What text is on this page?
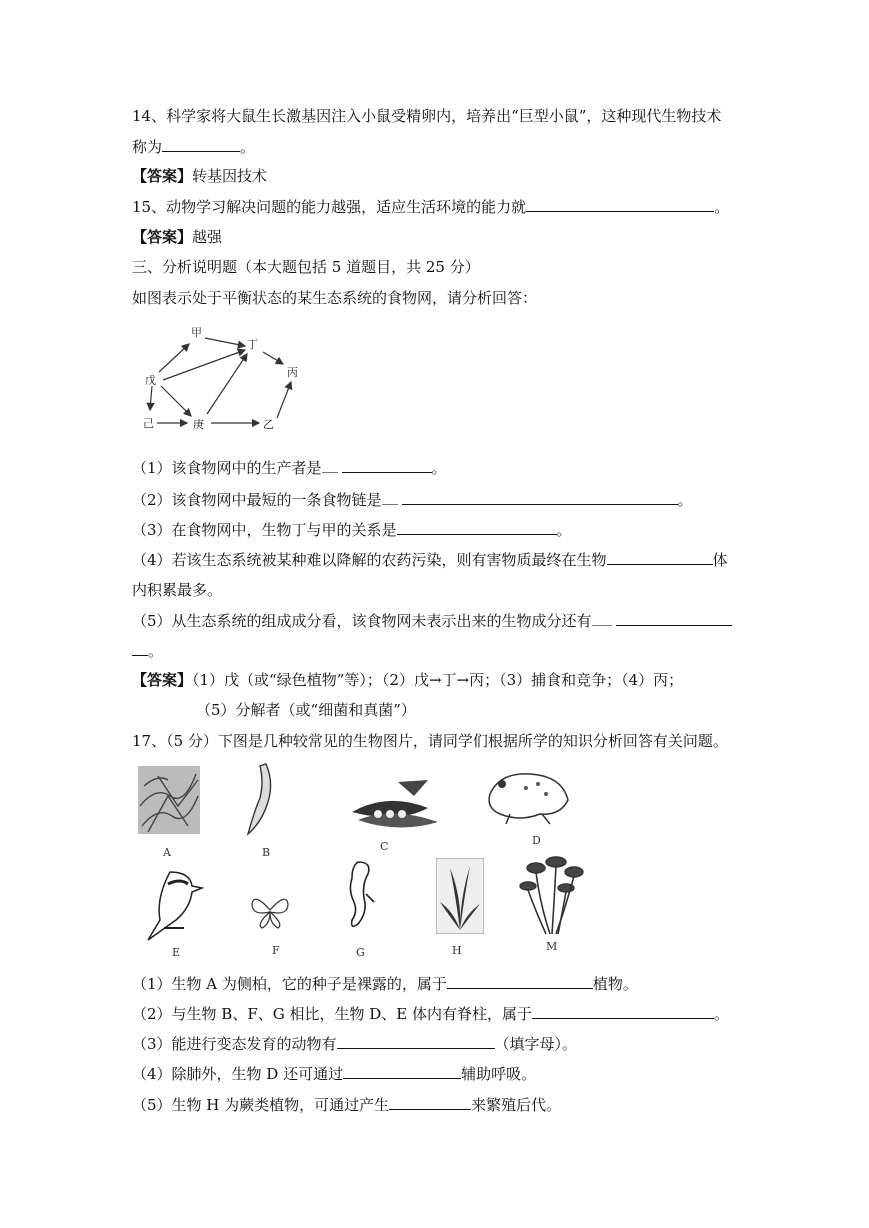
14、科学家将大鼠生长激基因注入小鼠受精卵内，培养出“巨型小鼠”，这种现代生物技术
称为	。
【答案】转基因技术
15、动物学习解决问题的能力越强，适应生活环境的能力就	。
【答案】越强
三、分析说明题（本大题包括 5 道题目，共 25 分）
如图表示处于平衡状态的某生态系统的食物网，请分析回答：
甲
丁
丙
戊
己	庚	乙
（1）该食物网中的生产者是	。
（2）该食物网中最短的一条食物链是	。
（3）在食物网中，生物丁与甲的关系是	。
（4）若该生态系统被某种难以降解的农药污染，则有害物质最终在生物	体
内积累最多。
（5）从生态系统的组成成分看，该食物网未表示出来的生物成分还有
。
【答案】（1）戊（或“绿色植物”等）；（2）戊→丁→丙；（3）捕食和竞争；（4）丙；
（5）分解者（或“细菌和真菌”）
17、（5 分）下图是几种较常见的生物图片，请同学们根据所学的知识分析回答有关问题。
A	B	C	D
E	F	G	H	M
（1）生物 A 为侧柏，它的种子是裸露的，属于	植物。
（2）与生物 B、F、G 相比，生物 D、E 体内有脊柱，属于	。
（3）能进行变态发育的动物有	（填字母）。
（4）除肺外，生物 D 还可通过	辅助呼吸。
（5）生物 H 为蕨类植物，可通过产生	来繁殖后代。
